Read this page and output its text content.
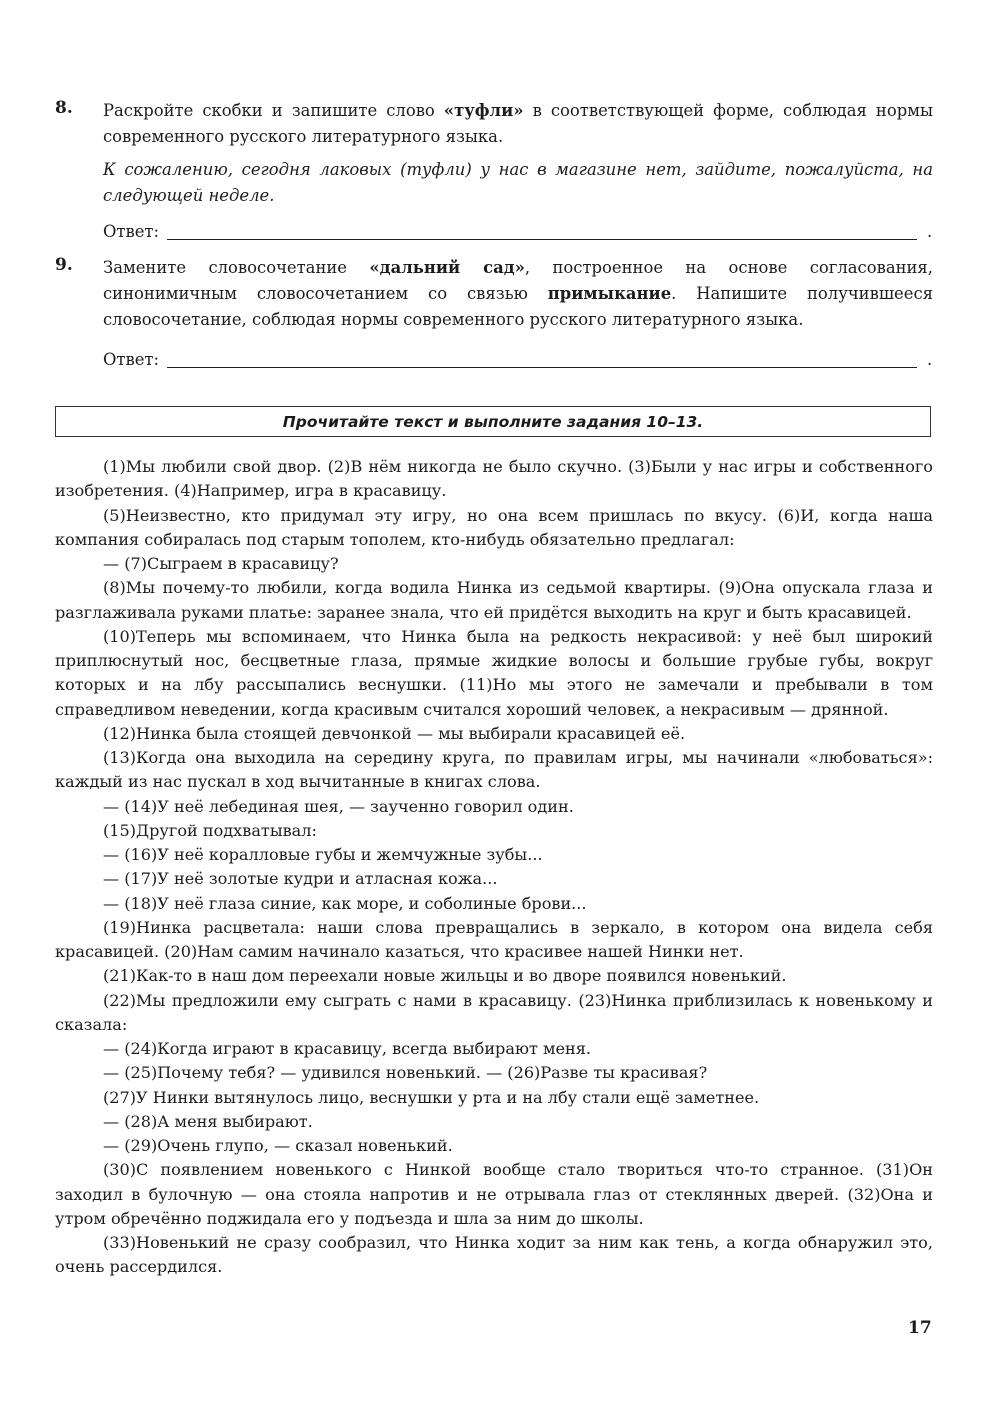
8. Раскройте скобки и запишите слово «туфли» в соответствующей форме, соблюдая нормы современного русского литературного языка.

К сожалению, сегодня лаковых (туфли) у нас в магазине нет, зайдите, пожалуйста, на следующей неделе.

Ответ:	.
9. Замените словосочетание «дальний сад», построенное на основе согласования, синонимичным словосочетанием со связью примыкание. Напишите получившееся словосочетание, соблюдая нормы современного русского литературного языка.

Ответ:	.
Прочитайте текст и выполните задания 10–13.

(1)Мы любили свой двор. (2)В нём никогда не было скучно. (3)Были у нас игры и собственного изобретения. (4)Например, игра в красавицу.

(5)Неизвестно, кто придумал эту игру, но она всем пришлась по вкусу. (6)И, когда наша компания собиралась под старым тополем, кто-нибудь обязательно предлагал:

— (7)Сыграем в красавицу?

(8)Мы почему-то любили, когда водила Нинка из седьмой квартиры. (9)Она опускала глаза и разглаживала руками платье: заранее знала, что ей придётся выходить на круг и быть красавицей.

(10)Теперь мы вспоминаем, что Нинка была на редкость некрасивой: у неё был широкий приплюснутый нос, бесцветные глаза, прямые жидкие волосы и большие грубые губы, вокруг которых и на лбу рассыпались веснушки. (11)Но мы этого не замечали и пребывали в том справедливом неведении, когда красивым считался хороший человек, а некрасивым — дрянной.

(12)Нинка была стоящей девчонкой — мы выбирали красавицей её.

(13)Когда она выходила на середину круга, по правилам игры, мы начинали «любоваться»: каждый из нас пускал в ход вычитанные в книгах слова.

— (14)У неё лебединая шея, — заученно говорил один.

(15)Другой подхватывал:

— (16)У неё коралловые губы и жемчужные зубы...

— (17)У неё золотые кудри и атласная кожа...

— (18)У неё глаза синие, как море, и соболиные брови...

(19)Нинка расцветала: наши слова превращались в зеркало, в котором она видела себя красавицей. (20)Нам самим начинало казаться, что красивее нашей Нинки нет.

(21)Как-то в наш дом переехали новые жильцы и во дворе появился новенький.

(22)Мы предложили ему сыграть с нами в красавицу. (23)Нинка приблизилась к новенькому и сказала:

— (24)Когда играют в красавицу, всегда выбирают меня.

— (25)Почему тебя? — удивился новенький. — (26)Разве ты красивая?

(27)У Нинки вытянулось лицо, веснушки у рта и на лбу стали ещё заметнее.

— (28)А меня выбирают.

— (29)Очень глупо, — сказал новенький.

(30)С появлением новенького с Нинкой вообще стало твориться что-то странное. (31)Он заходил в булочную — она стояла напротив и не отрывала глаз от стеклянных дверей. (32)Она и утром обречённо поджидала его у подъезда и шла за ним до школы.

(33)Новенький не сразу сообразил, что Нинка ходит за ним как тень, а когда обнаружил это, очень рассердился.

17
